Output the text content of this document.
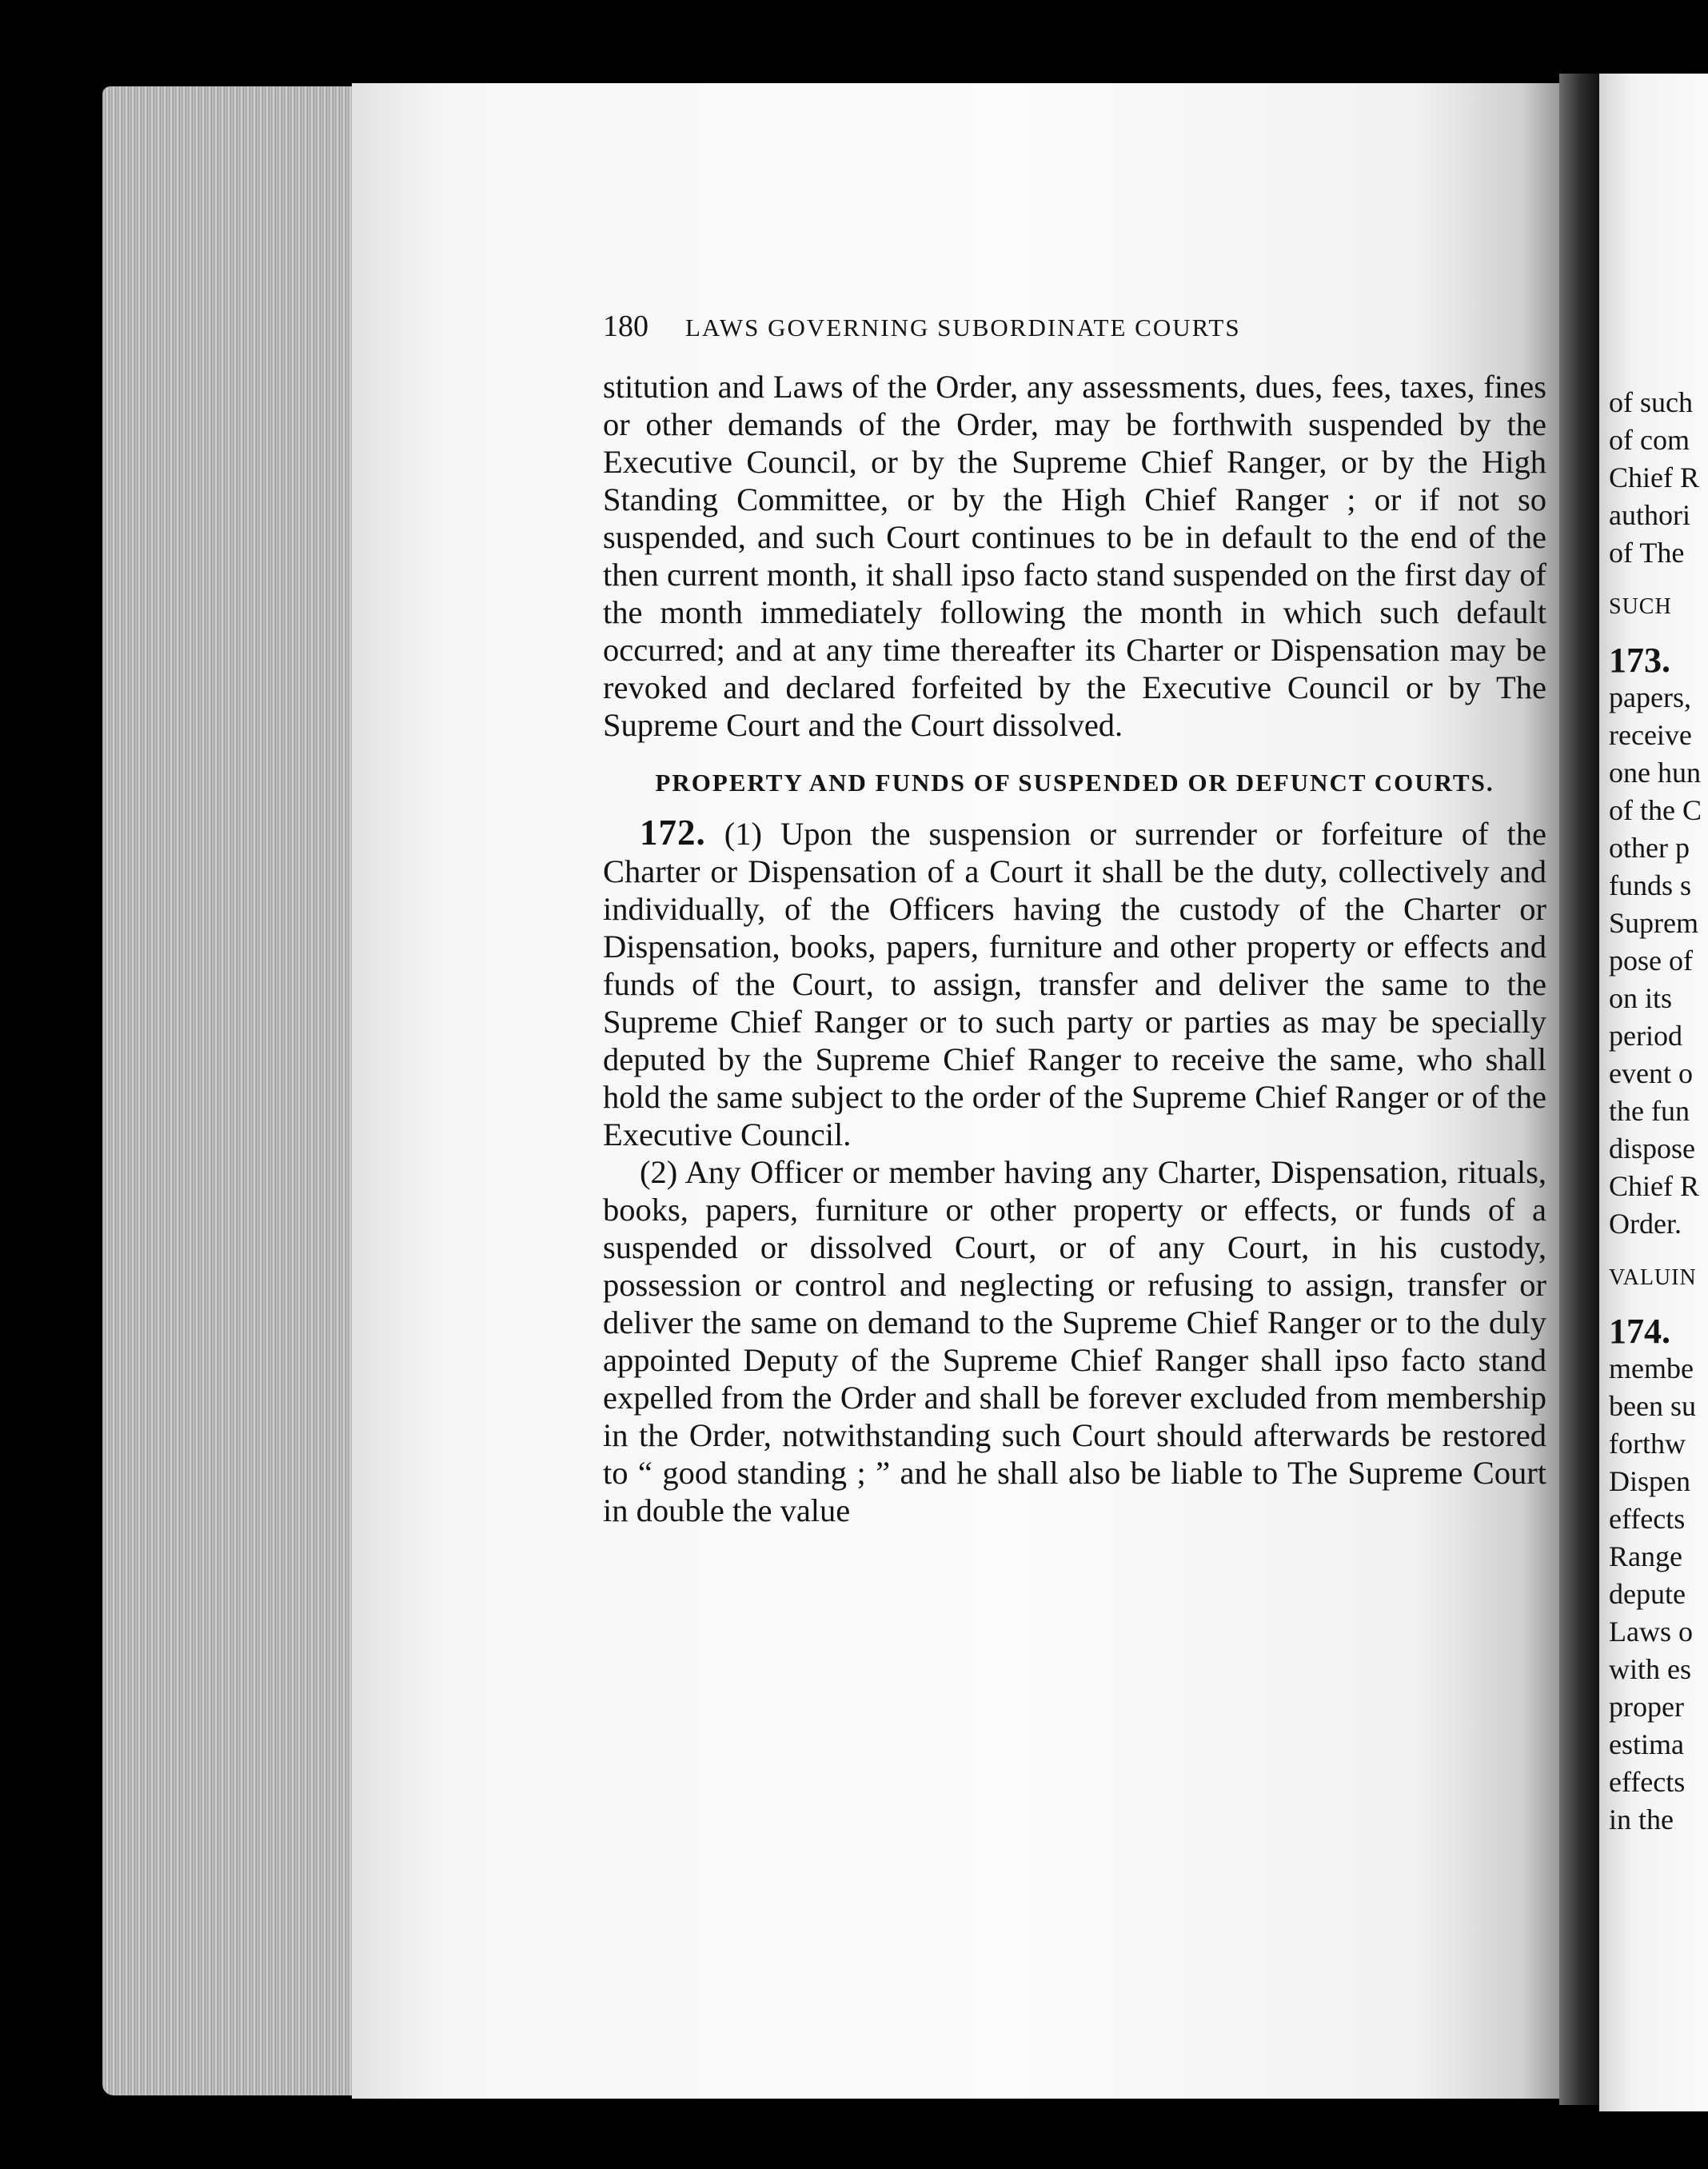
180 LAWS GOVERNING SUBORDINATE COURTS

stitution and Laws of the Order, any assessments, dues, fees, taxes, fines or other demands of the Order, may be forthwith suspended by the Executive Council, or by the Supreme Chief Ranger, or by the High Standing Committee, or by the High Chief Ranger ; or if not so suspended, and such Court continues to be in default to the end of the then current month, it shall ipso facto stand suspended on the first day of the month immediately following the month in which such default occurred; and at any time thereafter its Charter or Dispensation may be revoked and declared forfeited by the Executive Council or by The Supreme Court and the Court dissolved.

PROPERTY AND FUNDS OF SUSPENDED OR DEFUNCT COURTS.

172. (1) Upon the suspension or surrender or forfeiture of the Charter or Dispensation of a Court it shall be the duty, collectively and individually, of the Officers having the custody of the Charter or Dispensation, books, papers, furniture and other property or effects and funds of the Court, to assign, transfer and deliver the same to the Supreme Chief Ranger or to such party or parties as may be specially deputed by the Supreme Chief Ranger to receive the same, who shall hold the same subject to the order of the Supreme Chief Ranger or of the Executive Council.

(2) Any Officer or member having any Charter, Dispensation, rituals, books, papers, furniture or other property or effects, or funds of a suspended or dissolved Court, or of any Court, in his custody, possession or control and neglecting or refusing to assign, transfer or deliver the same on demand to the Supreme Chief Ranger or to the duly appointed Deputy of the Supreme Chief Ranger shall ipso facto stand expelled from the Order and shall be forever excluded from membership in the Order, notwithstanding such Court should afterwards be restored to “ good standing ; ” and he shall also be liable to The Supreme Court in double the value

of such
of com
Chief R
authori
of The
SUCH
173.
papers,
receive
one hun
of the C
other p
funds s
Suprem
pose of
on its
period
event o
the fun
dispose
Chief R
Order.
VALUIN
174.
membe
been su
forthw
Dispen
effects
Range
depute
Laws o
with es
proper
estima
effects
in the
